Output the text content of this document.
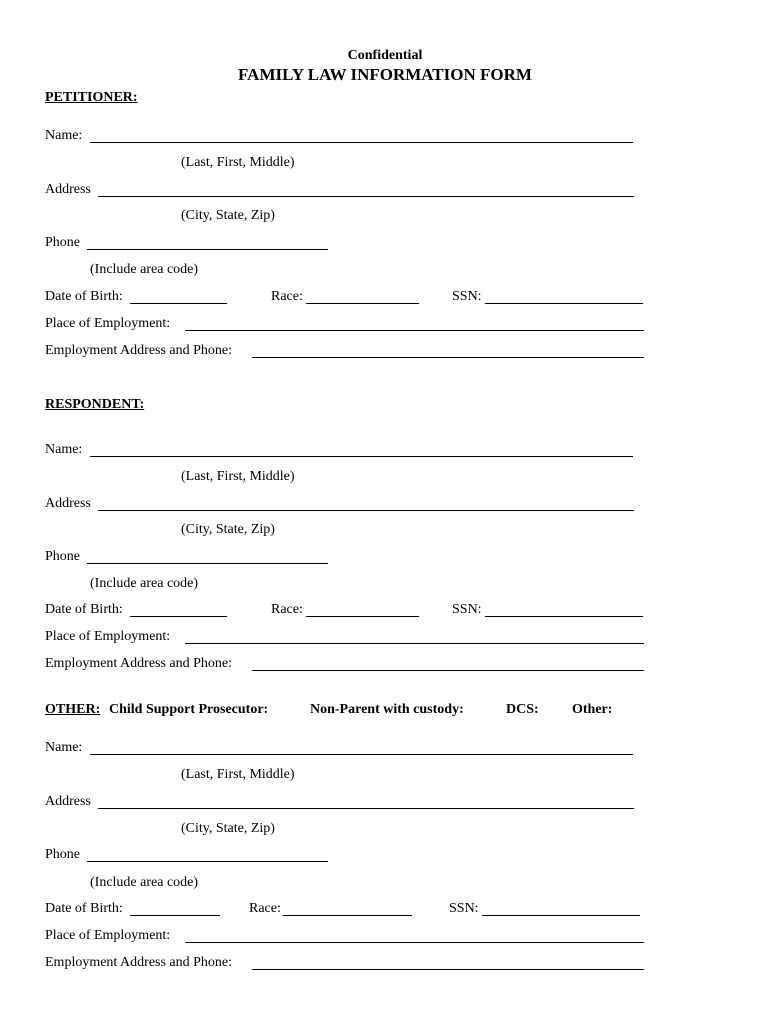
Confidential
FAMILY LAW INFORMATION FORM
PETITIONER:
Name:
(Last, First, Middle)
Address
(City, State, Zip)
Phone
(Include area code)
Date of Birth:	Race:	SSN:
Place of Employment:
Employment Address and Phone:
RESPONDENT:
Name:
(Last, First, Middle)
Address
(City, State, Zip)
Phone
(Include area code)
Date of Birth:	Race:	SSN:
Place of Employment:
Employment Address and Phone:
OTHER: Child Support Prosecutor:	Non-Parent with custody:	DCS: Other:
Name:
(Last, First, Middle)
Address
(City, State, Zip)
Phone
(Include area code)
Date of Birth:	Race:	SSN:
Place of Employment:
Employment Address and Phone:
